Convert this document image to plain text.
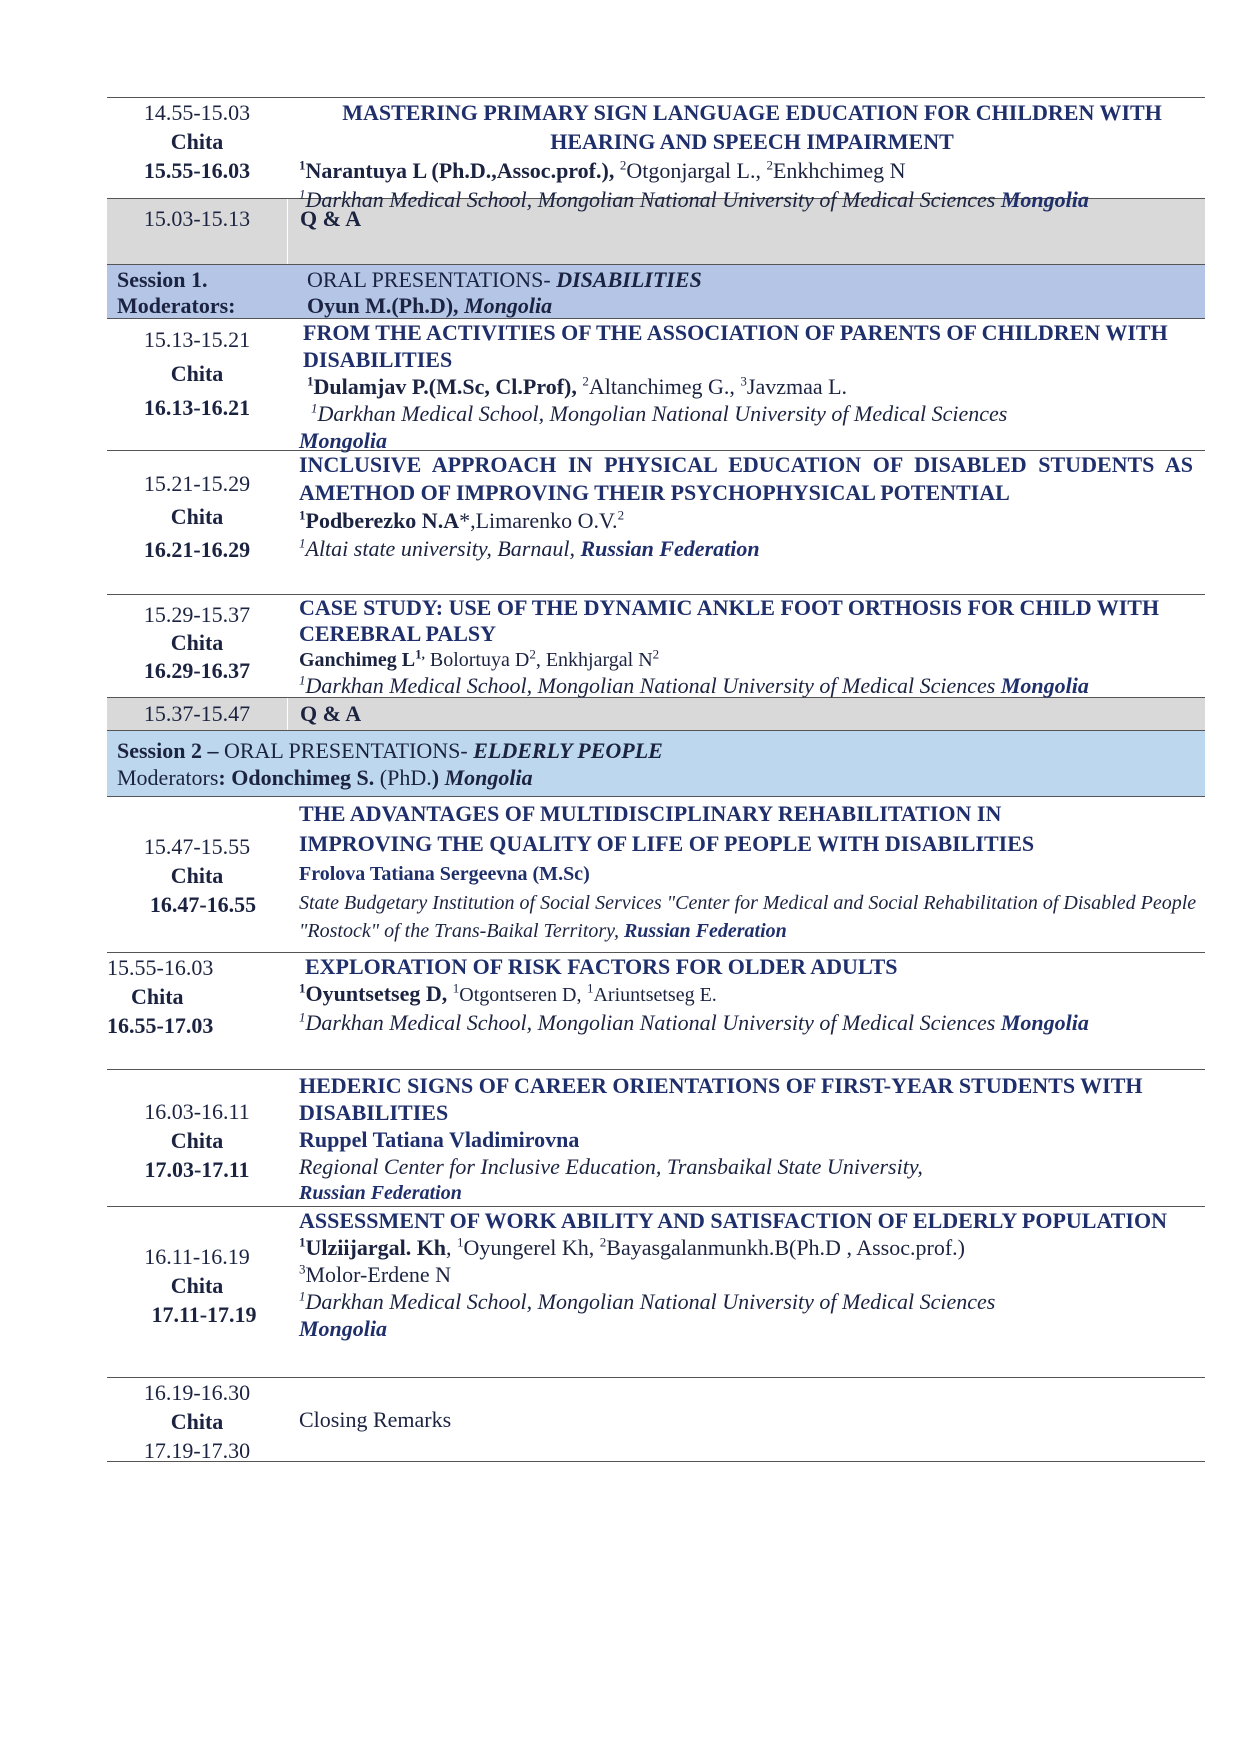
14.55-15.03
Chita
15.55-16.03
MASTERING PRIMARY SIGN LANGUAGE EDUCATION FOR CHILDREN WITH HEARING AND SPEECH IMPAIRMENT
$^1$Narantuya L (Ph.D.,Assoc.prof.), $^2$Otgonjargal L., $^2$Enkhchimeg N
$^1$Darkhan Medical School, Mongolian National University of Medical Sciences Mongolia
15.03-15.13	Q & A
Session 1.
Moderators:
ORAL PRESENTATIONS- DISABILITIES
Oyun M.(Ph.D), Mongolia
15.13-15.21
Chita
16.13-16.21
FROM THE ACTIVITIES OF THE ASSOCIATION OF PARENTS OF CHILDREN WITH DISABILITIES
$^1$Dulamjav P.(M.Sc, Cl.Prof), $^2$Altanchimeg G., $^3$Javzmaa L.
$^1$Darkhan Medical School, Mongolian National University of Medical Sciences
Mongolia
15.21-15.29
Chita
16.21-16.29
INCLUSIVE APPROACH IN PHYSICAL EDUCATION OF DISABLED STUDENTS AS AMETHOD OF IMPROVING THEIR PSYCHOPHYSICAL POTENTIAL
$^1$Podberezko N.A*,Limarenko O.V.$^2$
$^1$Altai state university, Barnaul, Russian Federation
15.29-15.37
Chita
16.29-16.37
CASE STUDY: USE OF THE DYNAMIC ANKLE FOOT ORTHOSIS FOR CHILD WITH CEREBRAL PALSY
Ganchimeg $L^{1,}$ Bolortuya $D^2$, Enkhjargal $N^2$
$^1$Darkhan Medical School, Mongolian National University of Medical Sciences Mongolia
15.37-15.47	Q & A
Session 2 – ORAL PRESENTATIONS- ELDERLY PEOPLE
Moderators: Odonchimeg S. (PhD.) Mongolia
15.47-15.55
Chita
16.47-16.55
THE ADVANTAGES OF MULTIDISCIPLINARY REHABILITATION IN
IMPROVING THE QUALITY OF LIFE OF PEOPLE WITH DISABILITIES
Frolova Tatiana Sergeevna (M.Sc)
State Budgetary Institution of Social Services "Center for Medical and Social Rehabilitation of Disabled People "Rostock" of the Trans-Baikal Territory, Russian Federation
15.55-16.03
Chita
16.55-17.03
EXPLORATION OF RISK FACTORS FOR OLDER ADULTS
$^1$Oyuntsetseg D, $^1$Otgontseren D, $^1$Ariuntsetseg E.
$^1$Darkhan Medical School, Mongolian National University of Medical Sciences Mongolia
16.03-16.11
Chita
17.03-17.11
HEDERIC SIGNS OF CAREER ORIENTATIONS OF FIRST-YEAR STUDENTS WITH DISABILITIES
Ruppel Tatiana Vladimirovna
Regional Center for Inclusive Education, Transbaikal State University,
Russian Federation
16.11-16.19
Chita
17.11-17.19
ASSESSMENT OF WORK ABILITY AND SATISFACTION OF ELDERLY POPULATION
$^1$Ulziijargal. Kh, $^1$Oyungerel Kh, $^2$Bayasgalanmunkh.B(Ph.D , Assoc.prof.)
$^3$Molor-Erdene N
$^1$Darkhan Medical School, Mongolian National University of Medical Sciences
Mongolia
16.19-16.30
Chita
17.19-17.30
Closing Remarks
